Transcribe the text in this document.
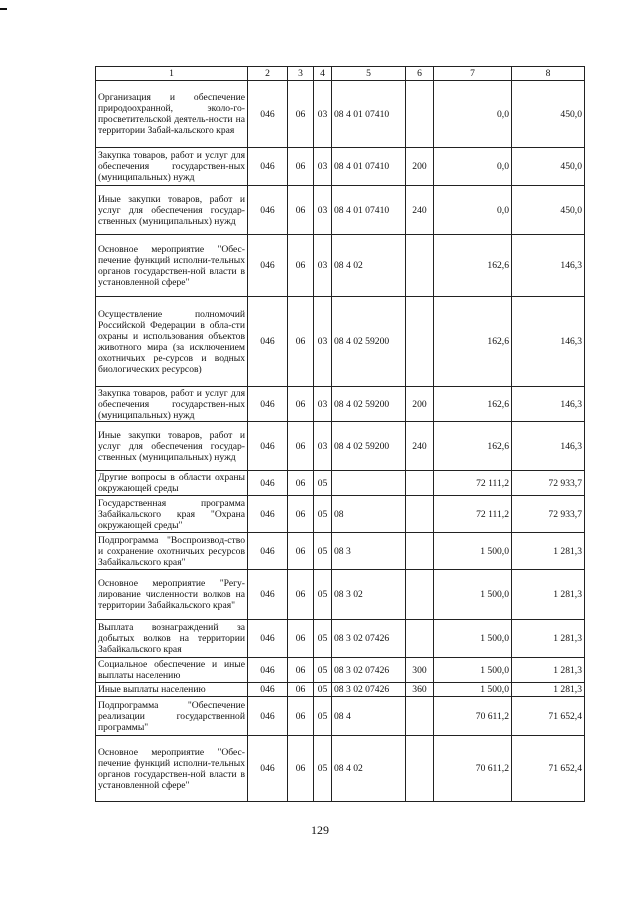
1	2	3	4	5	6	7	8
Организация и обеспечение природоохранной, эколо-го-просветительской деятель-ности на территории Забай-кальского края	046	06	03	08 4 01 07410		0,0	450,0
Закупка товаров, работ и услуг для обеспечения государствен-ных (муниципальных) нужд	046	06	03	08 4 01 07410	200	0,0	450,0
Иные закупки товаров, работ и услуг для обеспечения государ-ственных (муниципальных) нужд	046	06	03	08 4 01 07410	240	0,0	450,0
Основное мероприятие "Обес-печение функций исполни-тельных органов государствен-ной власти в установленной сфере"	046	06	03	08 4 02		162,6	146,3
Осуществление полномочий Российской Федерации в обла-сти охраны и использования объектов животного мира (за исключением охотничьих ре-сурсов и водных биологических ресурсов)	046	06	03	08 4 02 59200		162,6	146,3
Закупка товаров, работ и услуг для обеспечения государствен-ных (муниципальных) нужд	046	06	03	08 4 02 59200	200	162,6	146,3
Иные закупки товаров, работ и услуг для обеспечения государ-ственных (муниципальных) нужд	046	06	03	08 4 02 59200	240	162,6	146,3
Другие вопросы в области охраны окружающей среды	046	06	05			72 111,2	72 933,7
Государственная программа Забайкальского края "Охрана окружающей среды"	046	06	05	08		72 111,2	72 933,7
Подпрограмма "Воспроизвод-ство и сохранение охотничьих ресурсов Забайкальского края"	046	06	05	08 3		1 500,0	1 281,3
Основное мероприятие "Регу-лирование численности волков на территории Забайкальского края"	046	06	05	08 3 02		1 500,0	1 281,3
Выплата вознаграждений за добытых волков на территории Забайкальского края	046	06	05	08 3 02 07426		1 500,0	1 281,3
Социальное обеспечение и иные выплаты населению	046	06	05	08 3 02 07426	300	1 500,0	1 281,3
Иные выплаты населению	046	06	05	08 3 02 07426	360	1 500,0	1 281,3
Подпрограмма "Обеспечение реализации государственной программы"	046	06	05	08 4		70 611,2	71 652,4
Основное мероприятие "Обес-печение функций исполни-тельных органов государствен-ной власти в установленной сфере"	046	06	05	08 4 02		70 611,2	71 652,4
129
